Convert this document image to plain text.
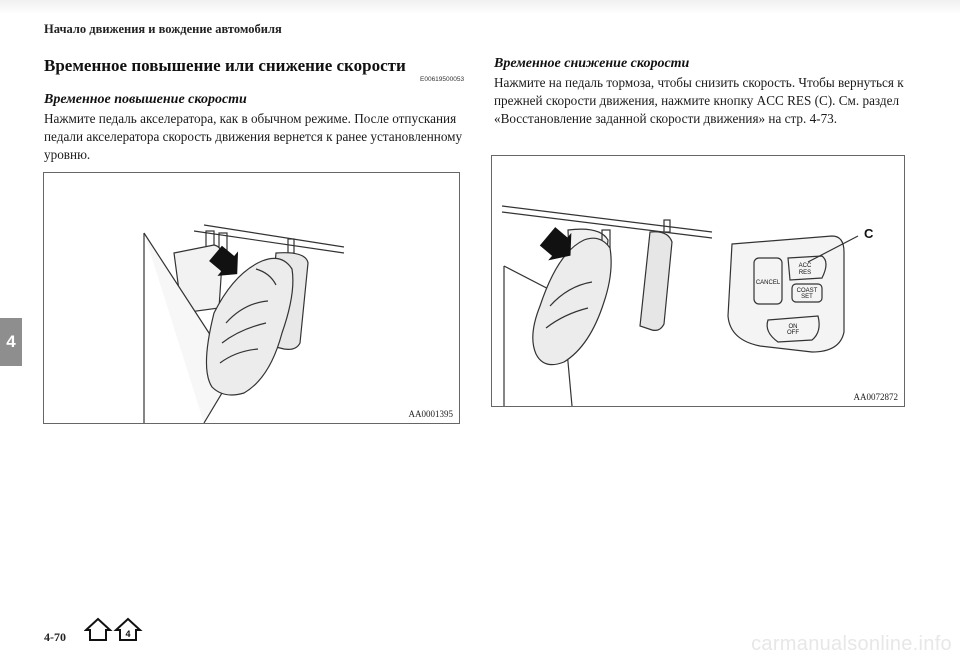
Начало движения и вождение автомобиля
Временное повышение или снижение скорости
E00619500053
Временное повышение скорости

Нажмите педаль акселератора, как в обычном режиме. После отпускания педали акселератора скорость движения вернется к ранее установленному уровню.

AA0001395
Временное снижение скорости

Нажмите на педаль тормоза, чтобы снизить скорость. Чтобы вернуться к прежней скорости движения, нажмите кнопку ACC RES (С). См. раздел «Восстановление заданной скорости движения» на стр. 4-73.

CANCEL
ACC
RES
COAST
SET
ON
OFF
C
AA0072872
4
4-70	4	carmanualsonline.info
